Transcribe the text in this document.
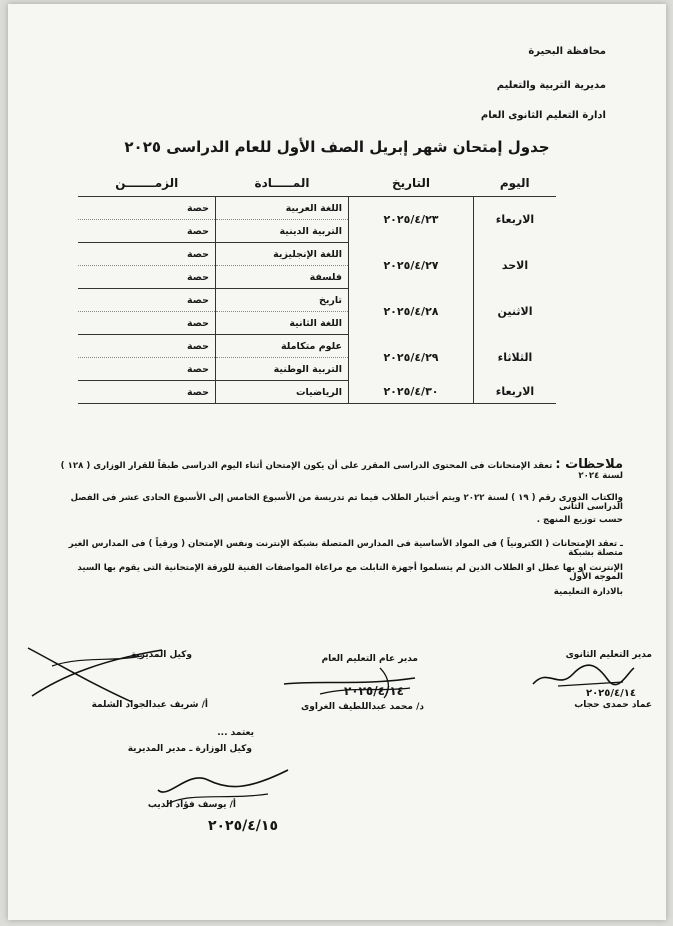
محافظة البحيرة
مديرية التربية والتعليم
ادارة التعليم الثانوى العام
جدول إمتحان شهر إبريل الصف الأول للعام الدراسى ٢٠٢٥
اليوم	التاريخ	المـــــادة	الزمـــــــن
الاربعاء	٢٠٢٥/٤/٢٣	اللغة العربية	حصة
		التربية الدينية	حصة
الاحد	٢٠٢٥/٤/٢٧	اللغة الإنجليزية	حصة
		فلسفة	حصة
الاثنين	٢٠٢٥/٤/٢٨	تاريخ	حصة
		اللغة الثانية	حصة
الثلاثاء	٢٠٢٥/٤/٢٩	علوم متكاملة	حصة
		التربية الوطنية	حصة
الاربعاء	٢٠٢٥/٤/٣٠	الرياضيات	حصة
ملاحظات : تعقد الإمتحانات فى المحتوى الدراسى المقرر على أن يكون الإمتحان أثناء اليوم الدراسى طبقاً للقرار الوزارى ( ١٢٨ ) لسنة ٢٠٢٤
والكتاب الدورى رقم ( ١٩ ) لسنة ٢٠٢٢ ويتم أختبار الطلاب فيما تم تدريسة من الأسبوع الخامس إلى الأسبوع الحادى عشر فى الفصل الدراسى الثانى
حسب توزيع المنهج .
ـ تعقد الإمتحانات ( الكترونياً ) فى المواد الأساسية فى المدارس المتصلة بشبكة الإنترنت ونفس الإمتحان ( ورقياً ) فى المدارس الغير متصلة بشبكة
الإنترنت او بها عطل او الطلاب الذين لم يتسلموا أجهزة التابلت مع مراعاة المواصفات الفنية للورقة الإمتحانية التى يقوم بها السيد الموجه الأول
بالادارة التعليمية
مدير التعليم الثانوى
٢٠٢٥/٤/١٤
عماد حمدى حجاب
مدير عام التعليم العام
٢٠٢٥/٤/١٤
د/ محمد عبداللطيف الغراوى
وكيل المديرية
أ/ شريف عبدالجواد الشلمة
يعتمد ...
وكيل الوزارة ـ مدير المديرية
أ/ يوسف فؤاد الديب
٢٠٢٥/٤/١٥
